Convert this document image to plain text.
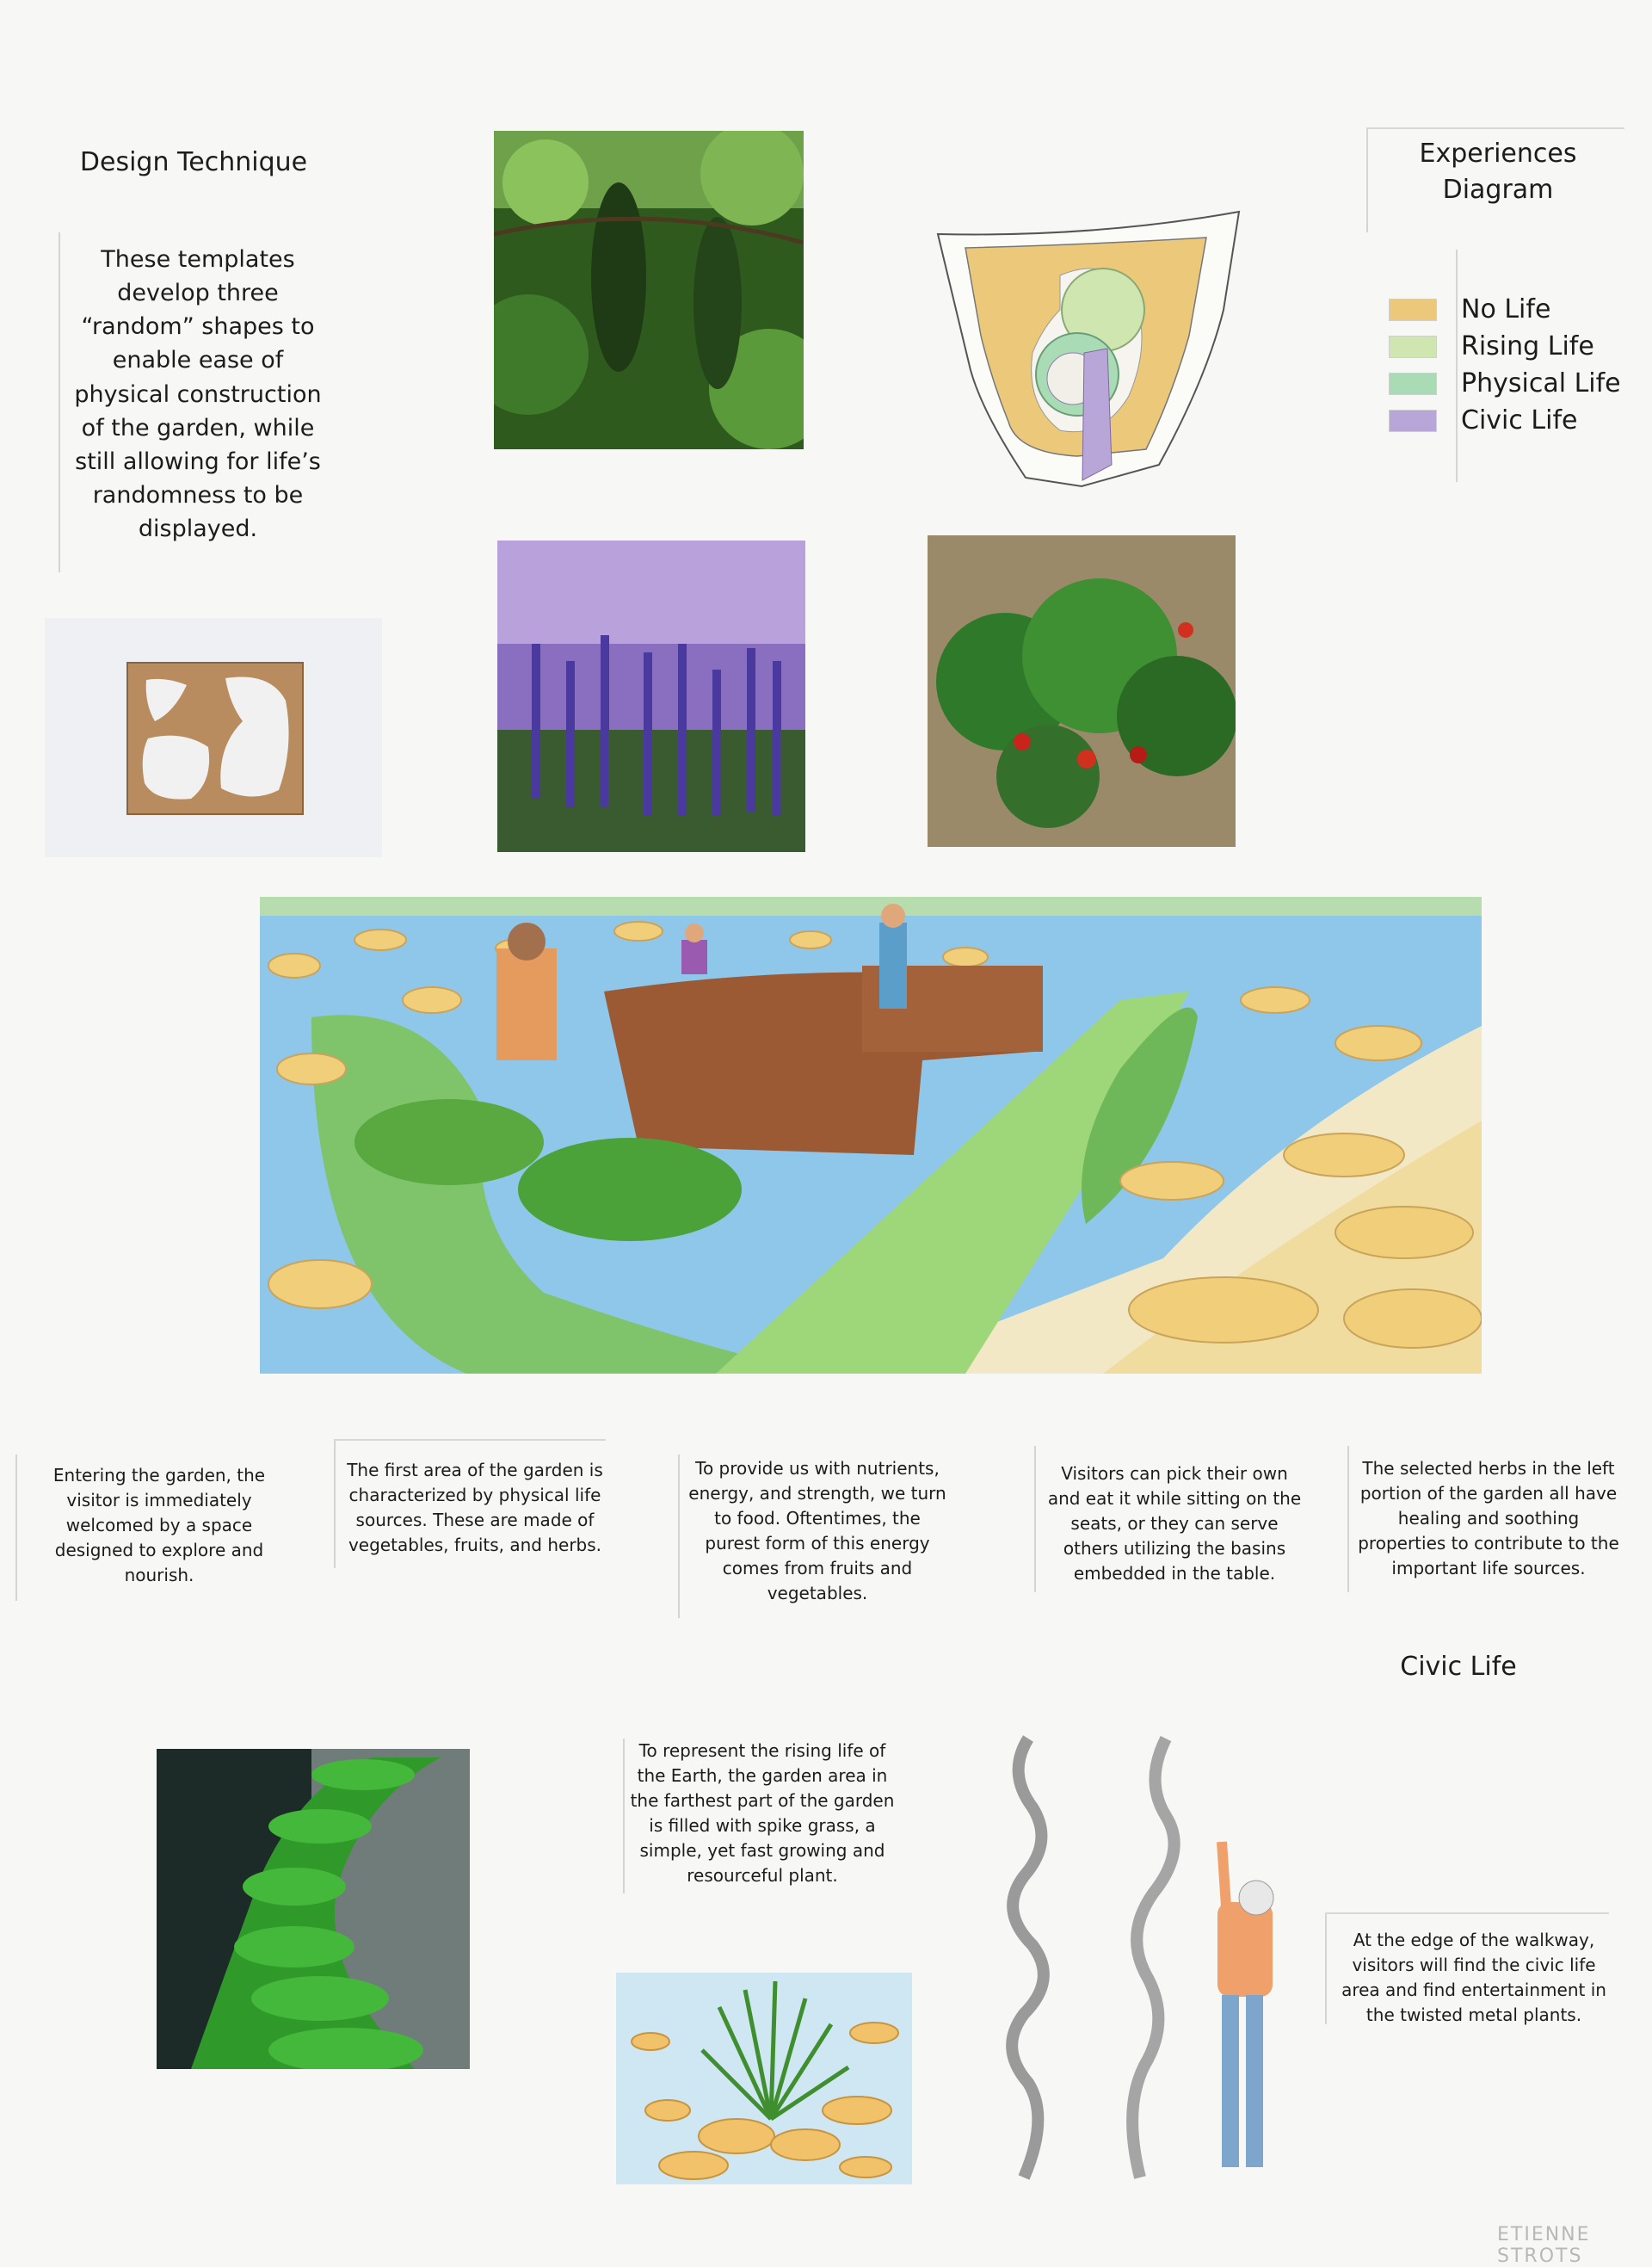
Design Technique
These templates
develop three
“random” shapes to
enable ease of
physical construction
of the garden, while
still allowing for life’s
randomness to be
displayed.
Experiences
Diagram
No Life
Rising Life
Physical Life
Civic Life
Entering the garden, the
visitor is immediately
welcomed by a space
designed to explore and
nourish.
The first area of the garden is
characterized by physical life
sources. These are made of
vegetables, fruits, and herbs.
To provide us with nutrients,
energy, and strength, we turn
to food. Oftentimes, the
purest form of this energy
comes from fruits and
vegetables.
Visitors can pick their own
and eat it while sitting on the
seats, or they can serve
others utilizing the basins
embedded in the table.
The selected herbs in the left
portion of the garden all have
healing and soothing
properties to contribute to the
important life sources.
Civic Life
To represent the rising life of
the Earth, the garden area in
the farthest part of the garden
is filled with spike grass, a
simple, yet fast growing and
resourceful plant.
At the edge of the walkway,
visitors will find the civic life
area and find entertainment in
the twisted metal plants.
ETIENNE STROTS
